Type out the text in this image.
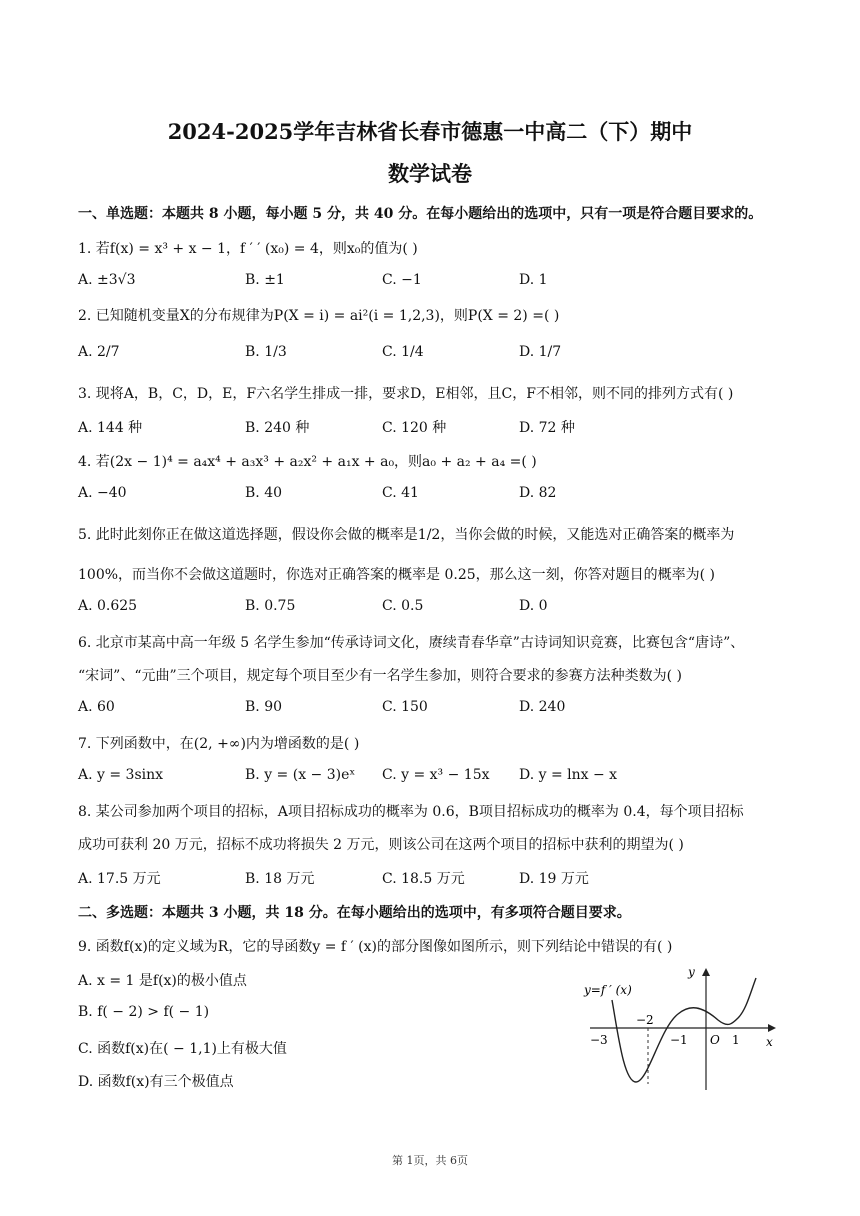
2024-2025学年吉林省长春市德惠一中高二（下）期中
数学试卷
一、单选题：本题共 8 小题，每小题 5 分，共 40 分。在每小题给出的选项中，只有一项是符合题目要求的。
1. 若f(x) = x³ + x − 1，f ′ ′ (x₀) = 4，则x₀的值为( )
A. ±3√3	B. ±1	C. −1	D. 1
2. 已知随机变量X的分布规律为P(X = i) = ai²(i = 1,2,3)，则P(X = 2) =( )
A. 2/7	B. 1/3	C. 1/4	D. 1/7
3. 现将A，B，C，D，E，F六名学生排成一排，要求D，E相邻，且C，F不相邻，则不同的排列方式有( )
A. 144 种	B. 240 种	C. 120 种	D. 72 种
4. 若(2x − 1)⁴ = a₄x⁴ + a₃x³ + a₂x² + a₁x + a₀，则a₀ + a₂ + a₄ =( )
A. −40	B. 40	C. 41	D. 82
5. 此时此刻你正在做这道选择题，假设你会做的概率是1/2，当你会做的时候，又能选对正确答案的概率为
100%，而当你不会做这道题时，你选对正确答案的概率是 0.25，那么这一刻，你答对题目的概率为( )
A. 0.625	B. 0.75	C. 0.5	D. 0
6. 北京市某高中高一年级 5 名学生参加“传承诗词文化，赓续青春华章”古诗词知识竞赛，比赛包含“唐诗”、
“宋词”、“元曲”三个项目，规定每个项目至少有一名学生参加，则符合要求的参赛方法种类数为( )
A. 60	B. 90	C. 150	D. 240
7. 下列函数中，在(2, +∞)内为增函数的是( )
A. y = 3sinx	B. y = (x − 3)eˣ C. y = x³ − 15x D. y = lnx − x
8. 某公司参加两个项目的招标，A项目招标成功的概率为 0.6，B项目招标成功的概率为 0.4，每个项目招标
成功可获利 20 万元，招标不成功将损失 2 万元，则该公司在这两个项目的招标中获利的期望为( )
A. 17.5 万元	B. 18 万元	C. 18.5 万元	D. 19 万元
二、多选题：本题共 3 小题，共 18 分。在每小题给出的选项中，有多项符合题目要求。
9. 函数f(x)的定义域为R，它的导函数y = f ′ (x)的部分图像如图所示，则下列结论中错误的有( )
A. x = 1 是f(x)的极小值点
B. f( − 2) > f( − 1)
C. 函数f(x)在( − 1,1)上有极大值
D. 函数f(x)有三个极值点
y=f ′ (x)
y
x
−3
−2
−1 O 1
第 1页，共 6页
